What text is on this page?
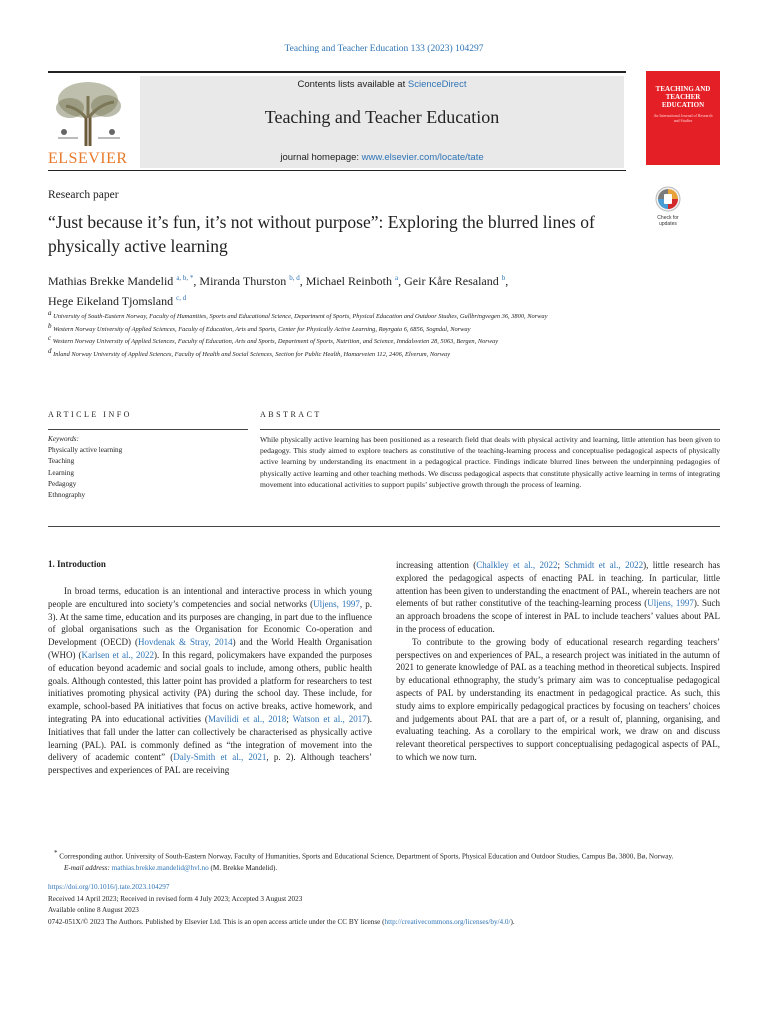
Teaching and Teacher Education 133 (2023) 104297
ELSEVIER
Contents lists available at ScienceDirect
Teaching and Teacher Education
journal homepage: www.elsevier.com/locate/tate
TEACHING AND TEACHER EDUCATION
An International Journal of Research and Studies
Research paper
“Just because it’s fun, it’s not without purpose”: Exploring the blurred lines of physically active learning
Check for updates
Mathias Brekke Mandelid $^{a, b, *}$, Miranda Thurston $^{b, d}$, Michael Reinboth $^a$, Geir Kåre Resaland $^b$,
Hege Eikeland Tjomsland $^{c, d}$
$^a$ University of South-Eastern Norway, Faculty of Humanities, Sports and Educational Science, Department of Sports, Physical Education and Outdoor Studies, Gullbringvegen 36, 3800, Norway
$^b$ Western Norway University of Applied Sciences, Faculty of Education, Arts and Sports, Center for Physically Active Learning, Røyrgata 6, 6856, Sogndal, Norway
$^c$ Western Norway University of Applied Sciences, Faculty of Education, Arts and Sports, Department of Sports, Nutrition, and Science, Inndalsveien 28, 5063, Bergen, Norway
$^d$ Inland Norway University of Applied Sciences, Faculty of Health and Social Sciences, Section for Public Health, Hamarveien 112, 2406, Elverum, Norway
ARTICLE INFO	ABSTRACT
Keywords:
Physically active learning
Teaching
Learning
Pedagogy
Ethnography
While physically active learning has been positioned as a research field that deals with physical activity and learning, little attention has been given to pedagogy. This study aimed to explore teachers as constitutive of the teaching-learning process and conceptualise pedagogical aspects of physically active learning by understanding its enactment in a pedagogical practice. Findings indicate blurred lines between the underpinning pedagogies of physically active learning and other teaching methods. We discuss pedagogical aspects that constitute physically active learning in terms of integrating movement into educational activities to support pupils’ subjective growth through the process of learning.
1. Introduction

In broad terms, education is an intentional and interactive process in which young people are encultured into society’s competencies and social networks (Uljens, 1997, p. 3). At the same time, education and its purposes are changing, in part due to the influence of global organisations such as the Organisation for Economic Co-operation and Development (OECD) (Hovdenak & Stray, 2014) and the World Health Organisation (WHO) (Karlsen et al., 2022). In this regard, policymakers have expanded the purposes of education beyond academic and social goals to include, among others, public health goals. Although contested, this latter point has provided a platform for researchers to test initiatives promoting physical activity (PA) during the school day. These include, for example, school-based PA initiatives that focus on active breaks, active homework, and integrating PA into educational activities (Mavilidi et al., 2018; Watson et al., 2017). Initiatives that fall under the latter can collectively be characterised as physically active learning (PAL). PAL is commonly defined as “the integration of movement into the delivery of academic content” (Daly-Smith et al., 2021, p. 2). Although teachers’ perspectives and experiences of PAL are receiving

increasing attention (Chalkley et al., 2022; Schmidt et al., 2022), little research has explored the pedagogical aspects of enacting PAL in teaching. In particular, little attention has been given to understanding the enactment of PAL, wherein teachers are not elements of but rather constitutive of the teaching-learning process (Uljens, 1997). Such an approach broadens the scope of interest in PAL to include teachers’ values about PAL in the process of education.

To contribute to the growing body of educational research regarding teachers’ perspectives on and experiences of PAL, a research project was initiated in the autumn of 2021 to generate knowledge of PAL as a teaching method in theoretical subjects. Inspired by educational ethnography, the study’s primary aim was to conceptualise pedagogical aspects of PAL by understanding its enactment in pedagogical practice. As such, this study aims to explore empirically pedagogical practices by focusing on teachers’ choices and judgements about PAL that are a part of, or a result of, planning, organising, and evaluating teaching. As a corollary to the empirical work, we draw on and discuss relevant theoretical perspectives to support conceptualising pedagogical aspects of PAL, to which we now turn.

* Corresponding author. University of South-Eastern Norway, Faculty of Humanities, Sports and Educational Science, Department of Sports, Physical Education and Outdoor Studies, Campus Bø, 3800, Bø, Norway.

E-mail address: mathias.brekke.mandelid@hvl.no (M. Brekke Mandelid).

https://doi.org/10.1016/j.tate.2023.104297

Received 14 April 2023; Received in revised form 4 July 2023; Accepted 3 August 2023

Available online 8 August 2023

0742-051X/© 2023 The Authors. Published by Elsevier Ltd. This is an open access article under the CC BY license (http://creativecommons.org/licenses/by/4.0/).
